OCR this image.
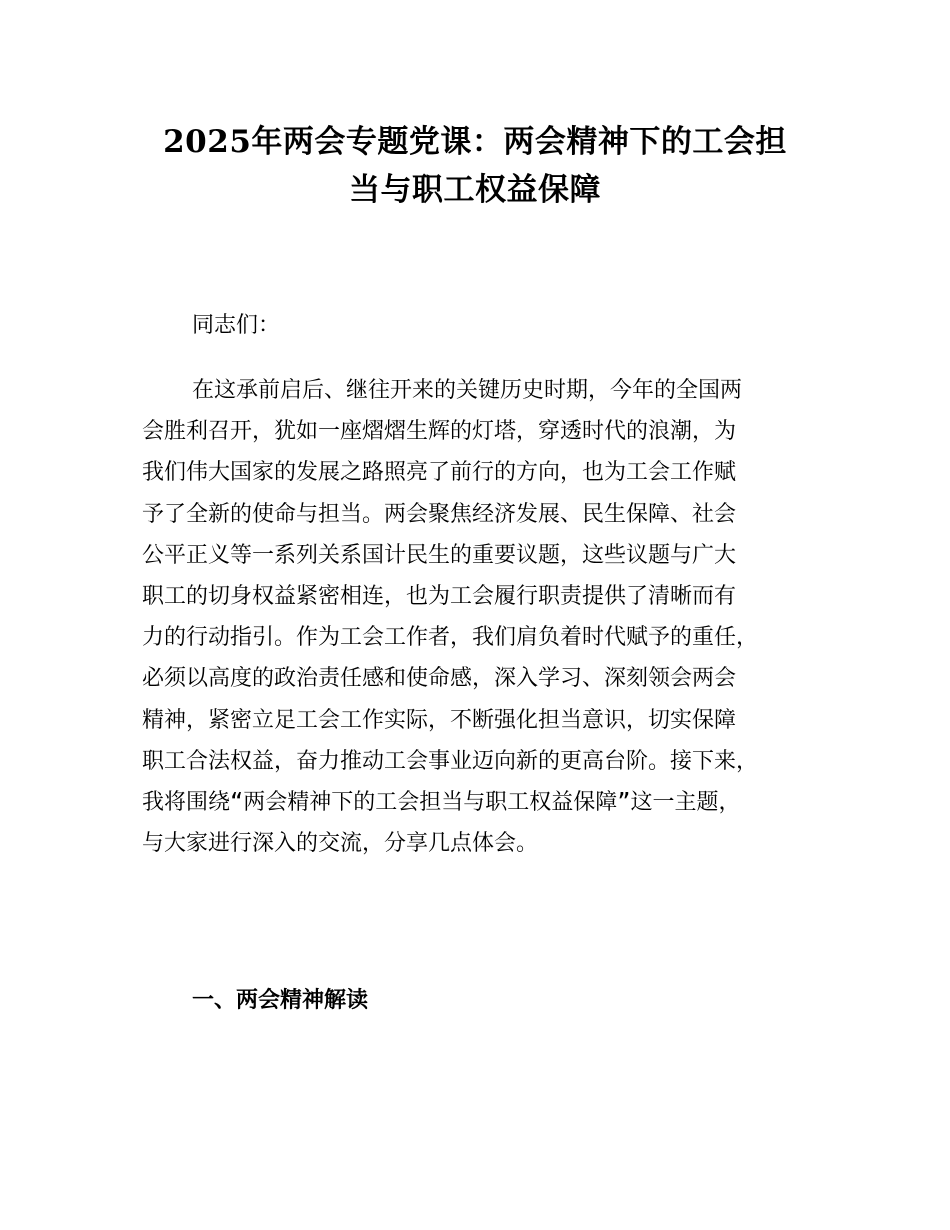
2025年两会专题党课：两会精神下的工会担
当与职工权益保障

同志们：

在这承前启后、继往开来的关键历史时期，今年的全国两
会胜利召开，犹如一座熠熠生辉的灯塔，穿透时代的浪潮，为
我们伟大国家的发展之路照亮了前行的方向，也为工会工作赋
予了全新的使命与担当。两会聚焦经济发展、民生保障、社会
公平正义等一系列关系国计民生的重要议题，这些议题与广大
职工的切身权益紧密相连，也为工会履行职责提供了清晰而有
力的行动指引。作为工会工作者，我们肩负着时代赋予的重任，
必须以高度的政治责任感和使命感，深入学习、深刻领会两会
精神，紧密立足工会工作实际，不断强化担当意识，切实保障
职工合法权益，奋力推动工会事业迈向新的更高台阶。接下来，
我将围绕“两会精神下的工会担当与职工权益保障”这一主题，
与大家进行深入的交流，分享几点体会。
一、两会精神解读
